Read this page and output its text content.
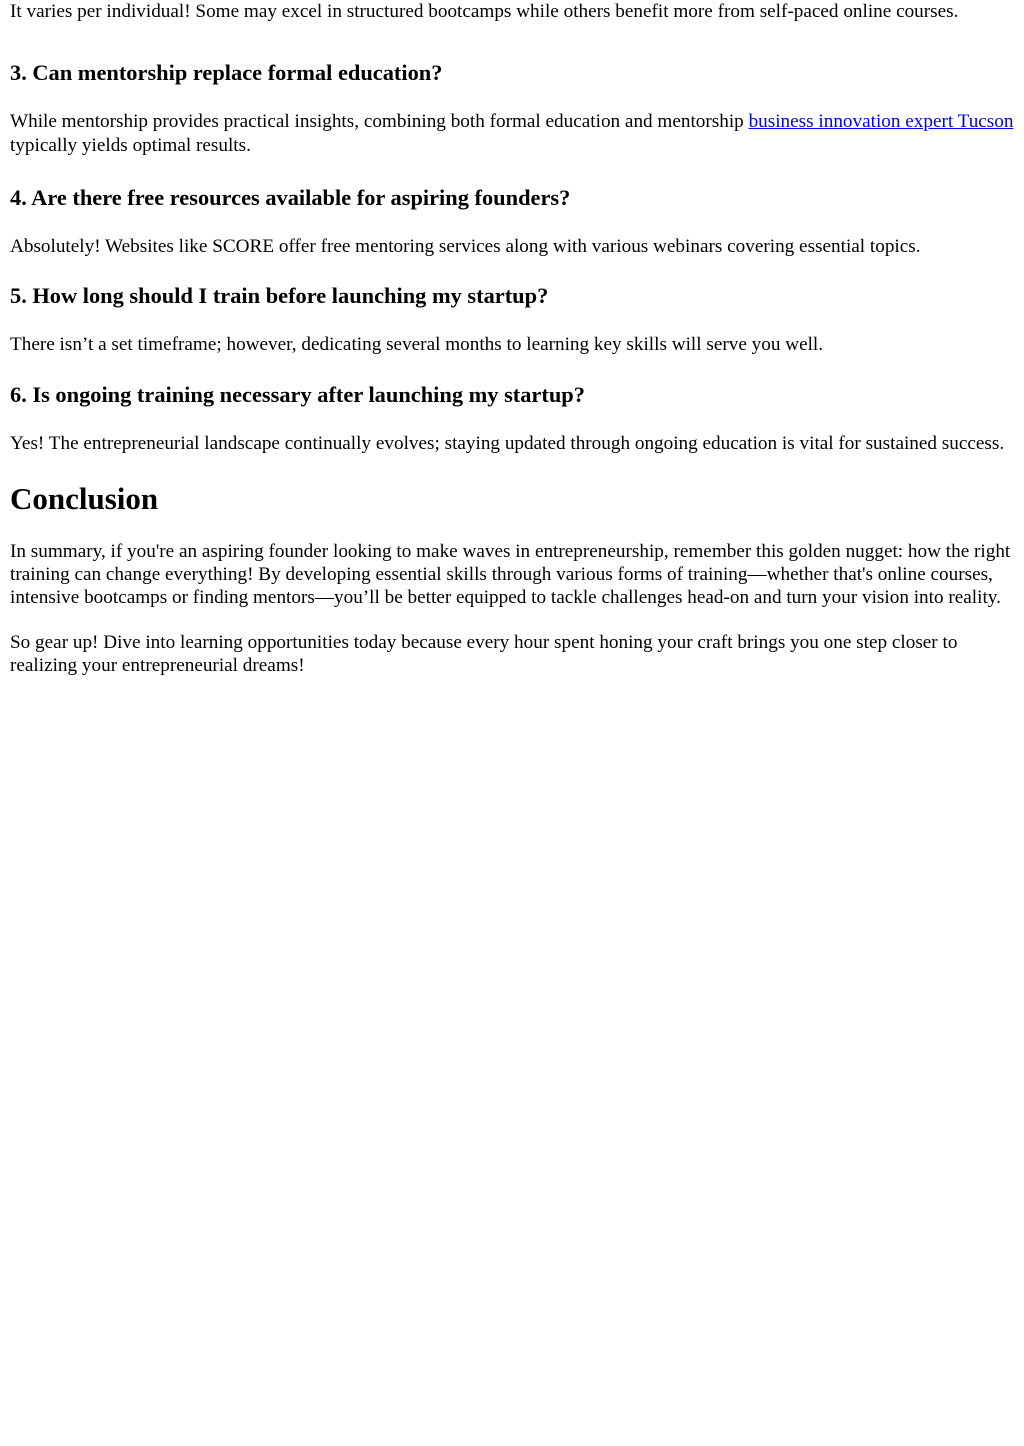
It varies per individual! Some may excel in structured bootcamps while others benefit more from self-paced online courses.

3. Can mentorship replace formal education?

While mentorship provides practical insights, combining both formal education and mentorship business innovation expert Tucson typically yields optimal results.

4. Are there free resources available for aspiring founders?

Absolutely! Websites like SCORE offer free mentoring services along with various webinars covering essential topics.

5. How long should I train before launching my startup?

There isn’t a set timeframe; however, dedicating several months to learning key skills will serve you well.

6. Is ongoing training necessary after launching my startup?

Yes! The entrepreneurial landscape continually evolves; staying updated through ongoing education is vital for sustained success.

Conclusion

In summary, if you're an aspiring founder looking to make waves in entrepreneurship, remember this golden nugget: how the right training can change everything! By developing essential skills through various forms of training—whether that's online courses, intensive bootcamps or finding mentors—you’ll be better equipped to tackle challenges head-on and turn your vision into reality.

So gear up! Dive into learning opportunities today because every hour spent honing your craft brings you one step closer to realizing your entrepreneurial dreams!
